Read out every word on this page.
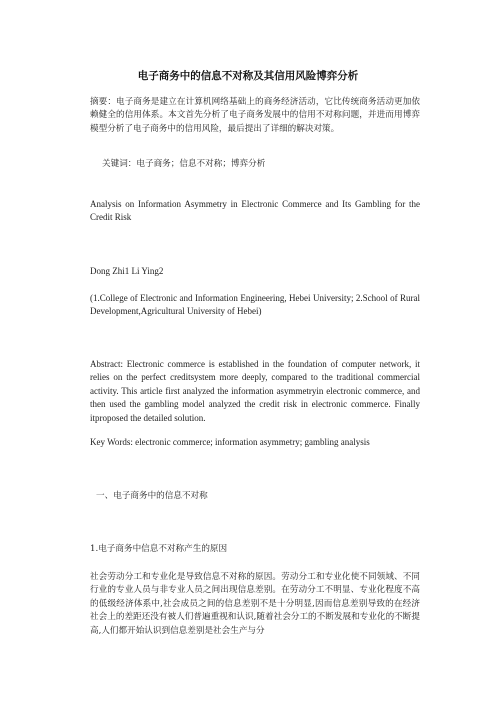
电子商务中的信息不对称及其信用风险博弈分析

摘要：电子商务是建立在计算机网络基础上的商务经济活动，它比传统商务活动更加依赖健全的信用体系。本文首先分析了电子商务发展中的信用不对称问题，并进而用博弈模型分析了电子商务中的信用风险，最后提出了详细的解决对策。

关键词：电子商务；信息不对称；博弈分析

Analysis on Information Asymmetry in Electronic Commerce and Its Gambling for the Credit Risk

Dong Zhi1 Li Ying2

(1.College of Electronic and Information Engineering, Hebei University; 2.School of Rural Development,Agricultural University of Hebei)

Abstract: Electronic commerce is established in the foundation of computer network, it relies on the perfect creditsystem more deeply, compared to the traditional commercial activity. This article first analyzed the information asymmetryin electronic commerce, and then used the gambling model analyzed the credit risk in electronic commerce. Finally itproposed the detailed solution.

Key Words: electronic commerce; information asymmetry; gambling analysis

一、电子商务中的信息不对称

1.电子商务中信息不对称产生的原因

社会劳动分工和专业化是导致信息不对称的原因。劳动分工和专业化使不同领域、不同行业的专业人员与非专业人员之间出现信息差别。在劳动分工不明显、专业化程度不高的低级经济体系中,社会成员之间的信息差别不是十分明显,因而信息差别导致的在经济社会上的差距还没有被人们普遍重视和认识,随着社会分工的不断发展和专业化的不断提高,人们都开始认识到信息差别是社会生产与分
